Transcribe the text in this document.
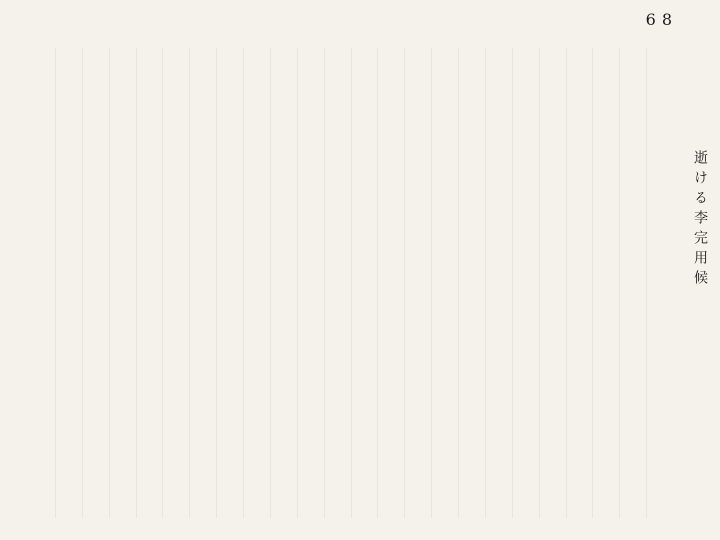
68
逝ける李完用候
